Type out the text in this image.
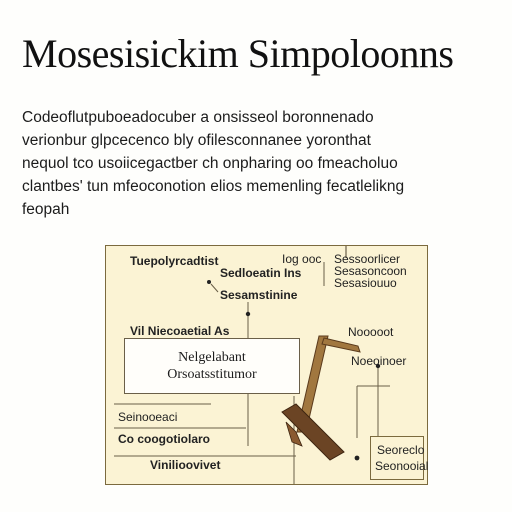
Mosesisickim Simpoloonns
Codeoflutpuboeadocuber a onsisseol boronnenado
verionbur glpcecenco bly ofilesconnanee yoronthat
nequol tco usoiicegactber ch onpharing oo fmeacholuo
clantbes' tun mfeoconotion elios memenling fecatlelikng
feopah
Tuepolyrcadtist	Iog ooc
Sedloeatin Ins
Sesamstinine
Sessoorlicer
Sesasoncoon
Sesasiouuo
Vil Niecoaetial As	Nooooot
Noeoinoer
Nelgelabant
Orsoatsstitumor
Seinooeaci
Co coogotiolaro
Vinilioovivet
Seoreclo
Seonooial
